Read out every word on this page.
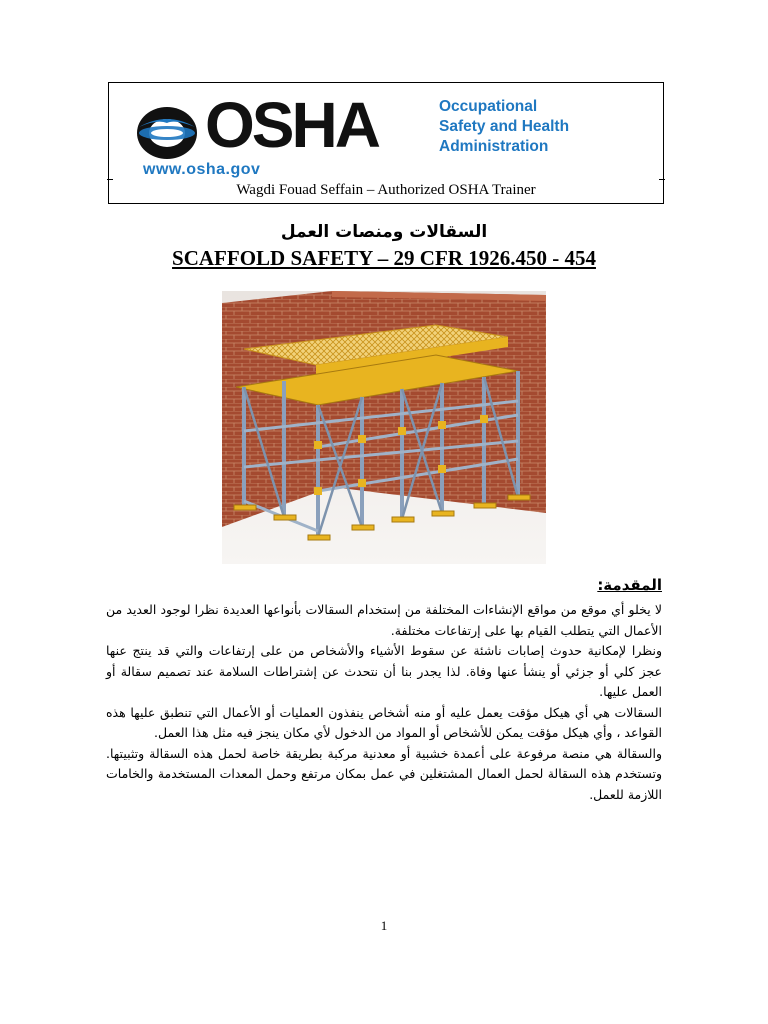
OSHA
www.osha.gov
Occupational
Safety and Health
Administration
Wagdi Fouad Seffain – Authorized OSHA Trainer
السقالات ومنصات العمل
SCAFFOLD SAFETY – 29 CFR 1926.450 - 454
المقدمة:

لا يخلو أي موقع من مواقع الإنشاءات المختلفة من إستخدام السقالات بأنواعها العديدة نظرا لوجود العديد من الأعمال التي يتطلب القيام بها على إرتفاعات مختلفة.

ونظرا لإمكانية حدوث إصابات ناشئة عن سقوط الأشياء والأشخاص من على إرتفاعات والتي قد ينتج عنها عجز كلي أو جزئي أو ينشأ عنها وفاة. لذا يجدر بنا أن نتحدث عن إشتراطات السلامة عند تصميم سقالة أو العمل عليها.

السقالات هي أي هيكل مؤقت يعمل عليه أو منه أشخاص ينفذون العمليات أو الأعمال التي تنطبق عليها هذه القواعد ، وأي هيكل مؤقت يمكن للأشخاص أو المواد من الدخول لأي مكان ينجز فيه مثل هذا العمل.

والسقالة هي منصة مرفوعة على أعمدة خشبية أو معدنية مركبة بطريقة خاصة لحمل هذه السقالة وتثبيتها. وتستخدم هذه السقالة لحمل العمال المشتغلين في عمل بمكان مرتفع وحمل المعدات المستخدمة والخامات اللازمة للعمل.

1
